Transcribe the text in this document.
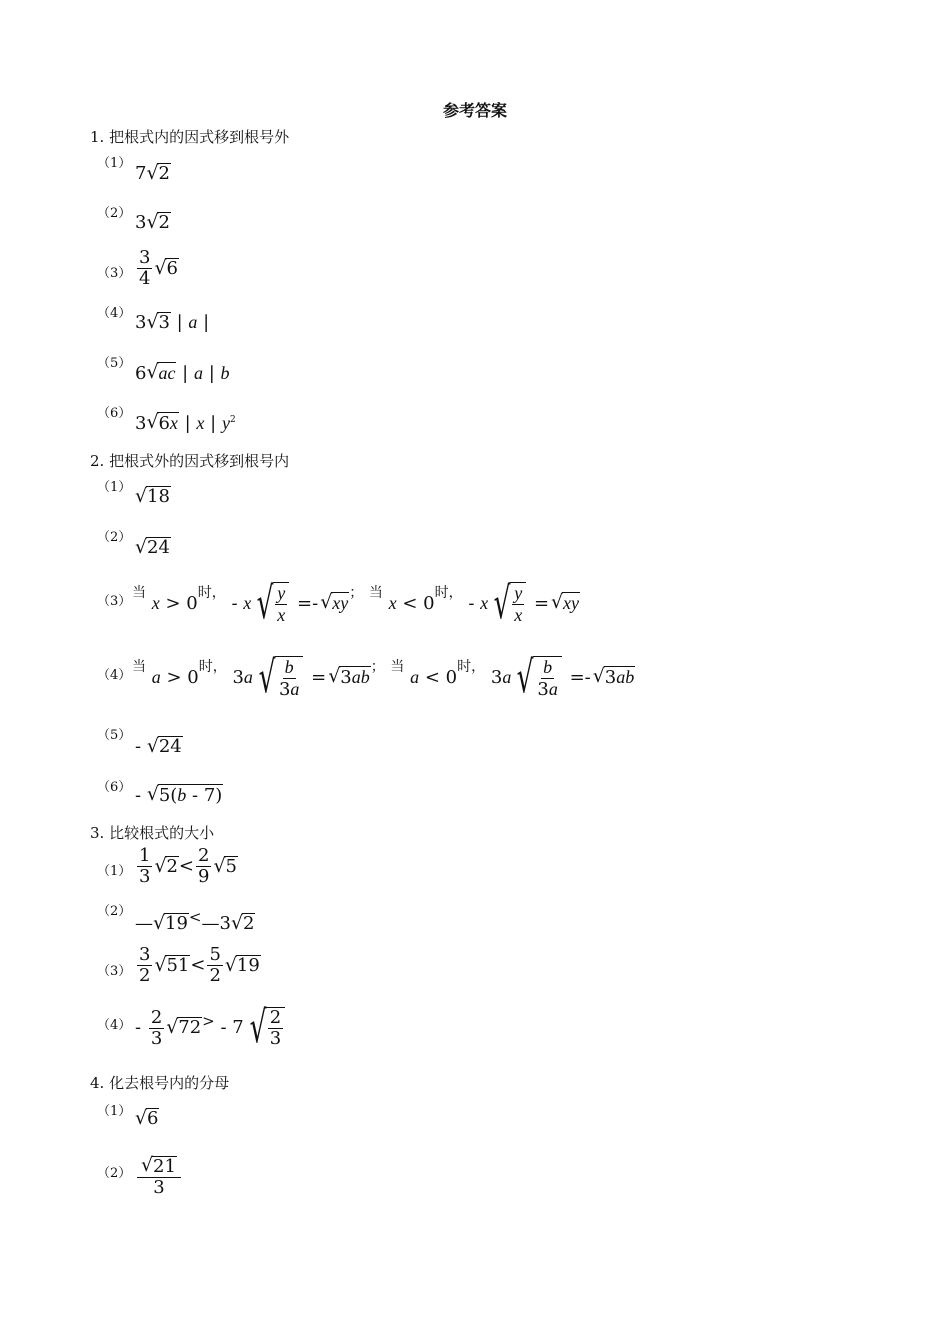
参考答案
1. 把根式内的因式移到根号外
（1） 7 √ 2
（2） 3 √ 2
$(3) \frac{3}{4}$ √ 6
（4） 3 √ 3 | a |
（5） 6 √ ac | a | b
（6） 3 √ 6x | x | $y^2$
2. 把根式外的因式移到根号内
（1） √ 18
（2） √ 24
（3）
$^当$ $x > 0^{时,} - x$ √ $\frac{y}{x}$ =- √ xy； $^当$ $x < 0^{时,} - x$ √ $\frac{y}{x}$ = √ xy
（4）
$^当$ $a > 0^{时,}$ 3a √ $\frac{b}{3a}$ = √ 3ab； $^当$ $a < 0^{时,}$ 3a √ $\frac{b}{3a}$ =- √ 3ab
（5）
- √ 24
（6） - √ 5(b - 7)
3. 比较根式的大小
$(1) \frac{1}{3}$ √ $2< \frac{2}{9}$ √ 5
（2）
— √ 19<—3 √ 2
$(3) \frac{3}{2}$ √ $51< \frac{5}{2}$ √ 19
$(4) - \frac{2}{3}$ √ 72> - 7 √ $\frac{2}{3}$
4. 化去根号内的分母
（1） √ 6
（2） √ $\frac{21}{3}$
